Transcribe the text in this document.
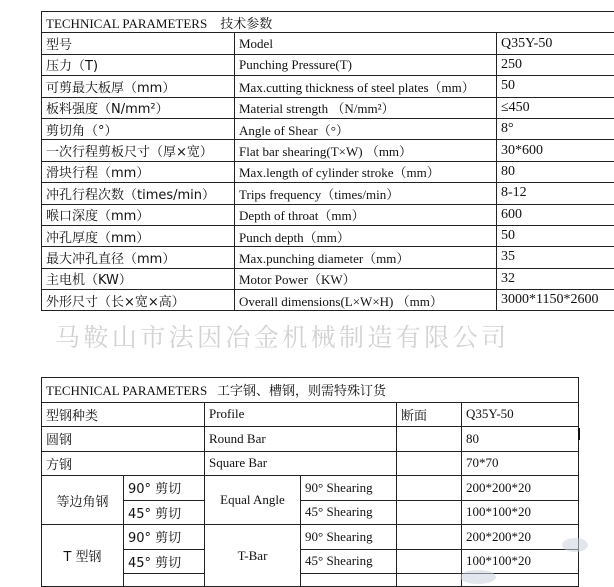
TECHNICAL PARAMETERS 技术参数		
型号	Model	Q35Y-50
压力（T)	Punching Pressure(T)	250
可剪最大板厚（mm）	Max.cutting thickness of steel plates（mm）	50
板料强度（N/mm²）	Material strength （N/mm²）	≤450
剪切角（°）	Angle of Shear（°）	8°
一次行程剪板尺寸（厚×宽）	Flat bar shearing(T×W) （mm）	30*600
滑块行程（mm）	Max.length of cylinder stroke（mm）	80
冲孔行程次数（times/min）	Trips frequency（times/min）	8-12
喉口深度（mm）	Depth of throat（mm）	600
冲孔厚度（mm）	Punch depth（mm）	50
最大冲孔直径（mm）	Max.punching diameter（mm）	35
主电机（KW）	Motor Power（KW）	32
外形尺寸（长×宽×高）	Overall dimensions(L×W×H) （mm）	3000*1150*2600
马鞍山市法因冶金机械制造有限公司
TECHNICAL PARAMETERS 工字钢、槽钢，则需特殊订货					
型钢种类		Profile		断面	Q35Y-50
圆钢		Round Bar			80
方钢		Square Bar			70*70
等边角钢	90° 剪切	Equal Angle	90° Shearing		200*200*20
	45° 剪切		45° Shearing		100*100*20
T 型钢	90° 剪切	T-Bar	90° Shearing		200*200*20
	45° 剪切		45° Shearing		100*100*20
